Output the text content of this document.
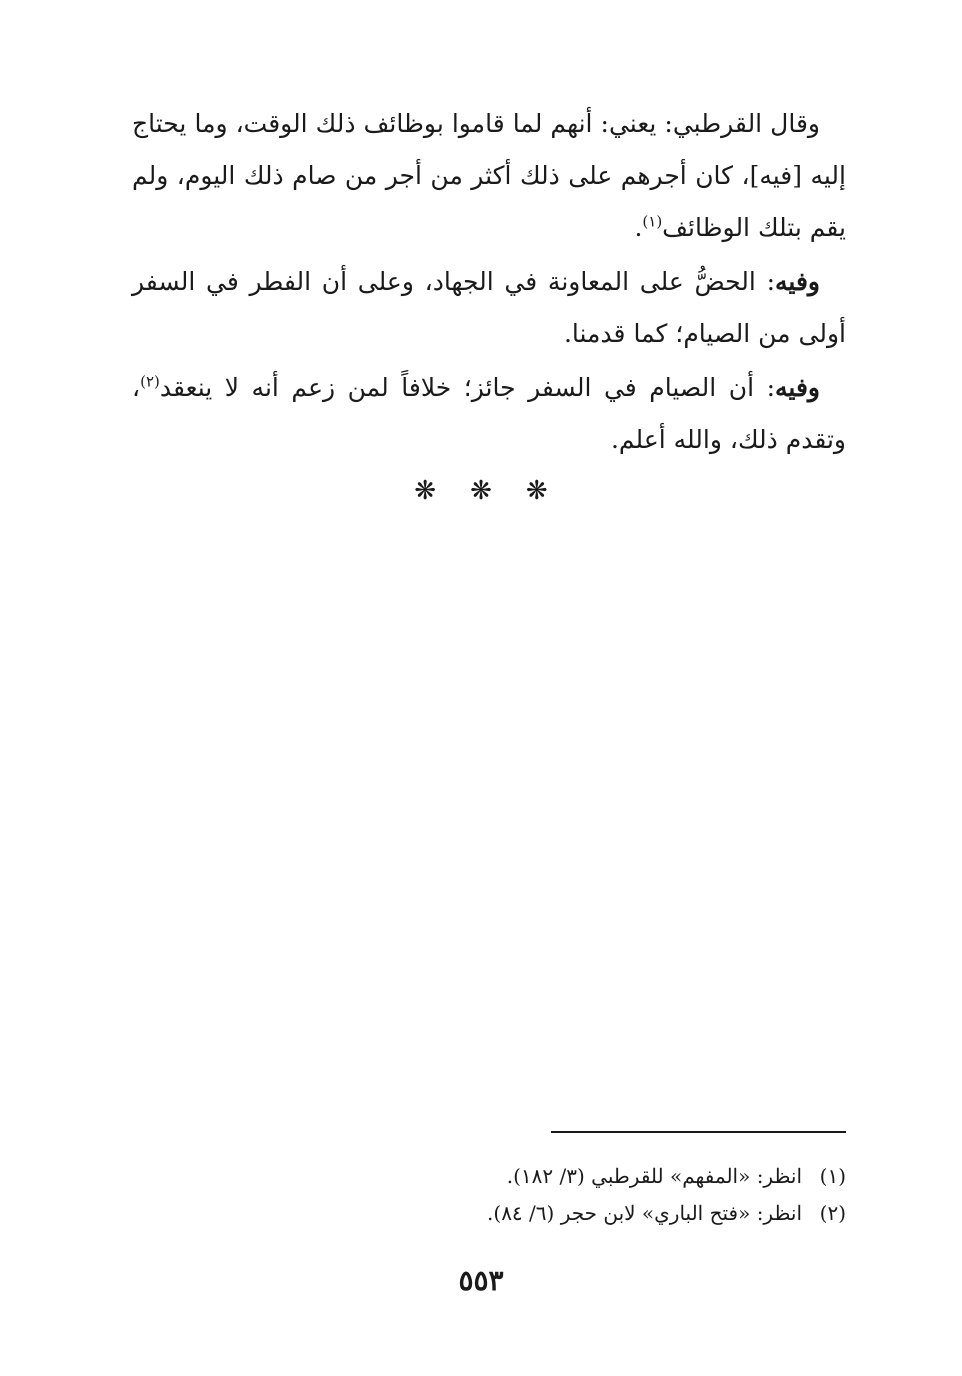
وقال القرطبي: يعني: أنهم لما قاموا بوظائف ذلك الوقت، وما يحتاج إليه [فيه]، كان أجرهم على ذلك أكثر من أجر من صام ذلك اليوم، ولم يقم بتلك الوظائف$^{(١)}$.

وفيه: الحضُّ على المعاونة في الجهاد، وعلى أن الفطر في السفر أولى من الصيام؛ كما قدمنا.

وفيه: أن الصيام في السفر جائز؛ خلافاً لمن زعم أنه لا ينعقد$^{(٢)}$، وتقدم ذلك، والله أعلم.

❋❋❋
(١)انظر: «المفهم» للقرطبي (٣/ ١٨٢).
(٢)انظر: «فتح الباري» لابن حجر (٦/ ٨٤).
٥٥٣
